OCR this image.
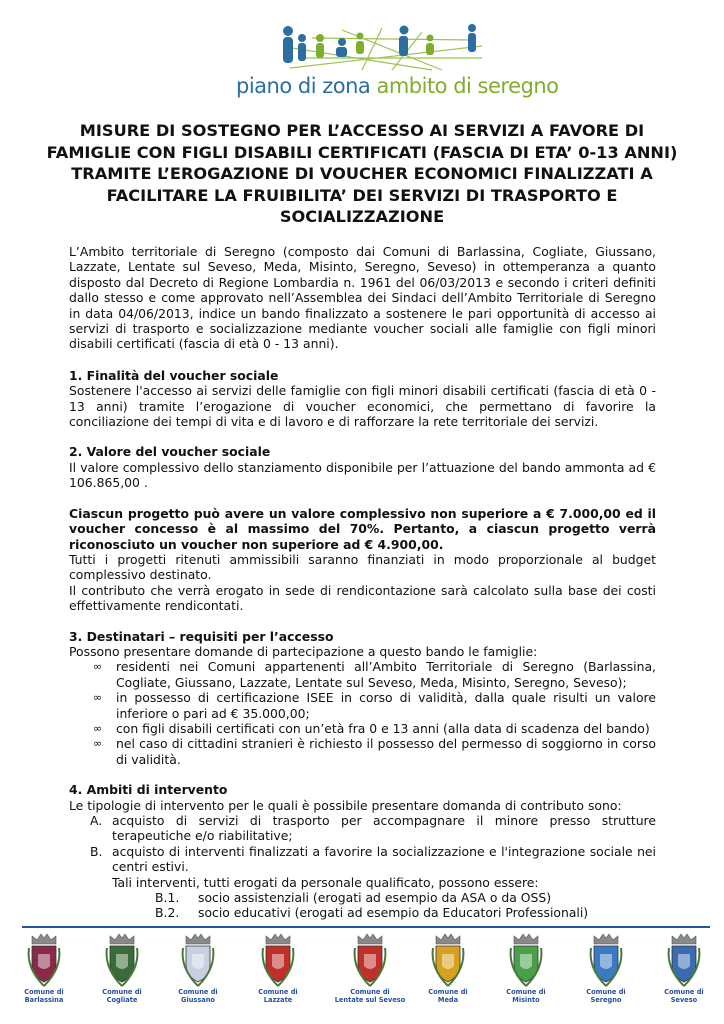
piano di zona ambito di seregno
MISURE DI SOSTEGNO PER L’ACCESSO AI SERVIZI A FAVORE DI FAMIGLIE CON FIGLI DISABILI CERTIFICATI (FASCIA DI ETA’ 0-13 ANNI) TRAMITE L’EROGAZIONE DI VOUCHER ECONOMICI FINALIZZATI A FACILITARE LA FRUIBILITA’ DEI SERVIZI DI TRASPORTO E SOCIALIZZAZIONE

L’Ambito territoriale di Seregno (composto dai Comuni di Barlassina, Cogliate, Giussano, Lazzate, Lentate sul Seveso, Meda, Misinto, Seregno, Seveso) in ottemperanza a quanto disposto dal Decreto di Regione Lombardia n. 1961 del 06/03/2013 e secondo i criteri definiti dallo stesso e come approvato nell’Assemblea dei Sindaci dell’Ambito Territoriale di Seregno in data 04/06/2013, indice un bando finalizzato a sostenere le pari opportunità di accesso ai servizi di trasporto e socializzazione mediante voucher sociali alle famiglie con figli minori disabili certificati (fascia di età 0 - 13 anni).

1. Finalità del voucher sociale

Sostenere l'accesso ai servizi delle famiglie con figli minori disabili certificati (fascia di età 0 - 13 anni) tramite l’erogazione di voucher economici, che permettano di favorire la conciliazione dei tempi di vita e di lavoro e di rafforzare la rete territoriale dei servizi.

2. Valore del voucher sociale

Il valore complessivo dello stanziamento disponibile per l’attuazione del bando ammonta ad € 106.865,00 .

Ciascun progetto può avere un valore complessivo non superiore a € 7.000,00 ed il voucher concesso è al massimo del 70%. Pertanto, a ciascun progetto verrà riconosciuto un voucher non superiore ad € 4.900,00.

Tutti i progetti ritenuti ammissibili saranno finanziati in modo proporzionale al budget complessivo destinato.

Il contributo che verrà erogato in sede di rendicontazione sarà calcolato sulla base dei costi effettivamente rendicontati.

3. Destinatari – requisiti per l’accesso

Possono presentare domande di partecipazione a questo bando le famiglie:

∞ residenti nei Comuni appartenenti all’Ambito Territoriale di Seregno (Barlassina, Cogliate, Giussano, Lazzate, Lentate sul Seveso, Meda, Misinto, Seregno, Seveso);
∞ in possesso di certificazione ISEE in corso di validità, dalla quale risulti un valore inferiore o pari ad € 35.000,00;
∞ con figli disabili certificati con un’età fra 0 e 13 anni (alla data di scadenza del bando)
∞ nel caso di cittadini stranieri è richiesto il possesso del permesso di soggiorno in corso di validità.

4. Ambiti di intervento

Le tipologie di intervento per le quali è possibile presentare domanda di contributo sono:

A. acquisto di servizi di trasporto per accompagnare il minore presso strutture terapeutiche e/o riabilitative;
B. acquisto di interventi finalizzati a favorire la socializzazione e l'integrazione sociale nei centri estivi.

Tali interventi, tutti erogati da personale qualificato, possono essere:

B.1. socio assistenziali (erogati ad esempio da ASA o da OSS)
B.2. socio educativi (erogati ad esempio da Educatori Professionali)
Comune di
Barlassina
Comune di
Cogliate
Comune di
Giussano
Comune di
Lazzate
Comune di
Lentate sul Seveso
Comune di
Meda
Comune di
Misinto
Comune di
Seregno
Comune di
Seveso
